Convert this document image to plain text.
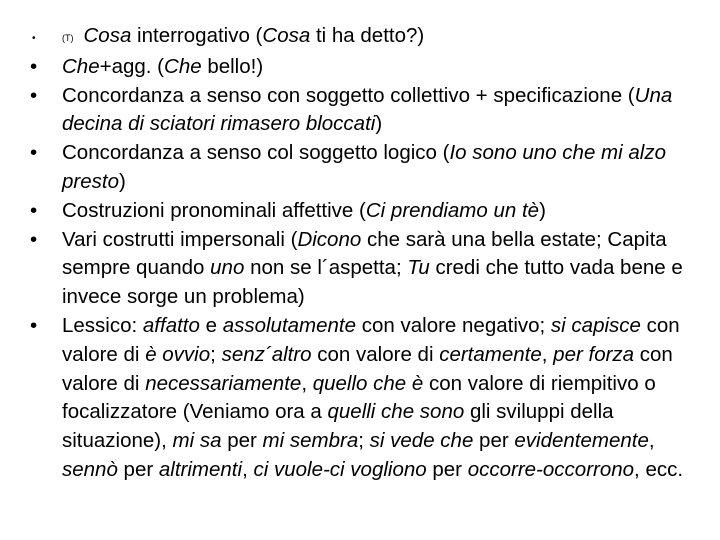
•	(T) Cosa interrogativo (Cosa ti ha detto?)
• Che+agg. (Che bello!)
• Concordanza a senso con soggetto collettivo + specificazione (Una decina di sciatori rimasero bloccati)
• Concordanza a senso col soggetto logico (Io sono uno che mi alzo presto)
• Costruzioni pronominali affettive (Ci prendiamo un tè)
• Vari costrutti impersonali (Dicono che sarà una bella estate; Capita sempre quando uno non se l´aspetta; Tu credi che tutto vada bene e invece sorge un problema)
• Lessico: affatto e assolutamente con valore negativo; si capisce con valore di è ovvio; senz´altro con valore di certamente, per forza con valore di necessariamente, quello che è con valore di riempitivo o focalizzatore (Veniamo ora a quelli che sono gli sviluppi della situazione), mi sa per mi sembra; si vede che per evidentemente, sennò per altrimenti, ci vuole-ci vogliono per occorre-occorrono, ecc.
